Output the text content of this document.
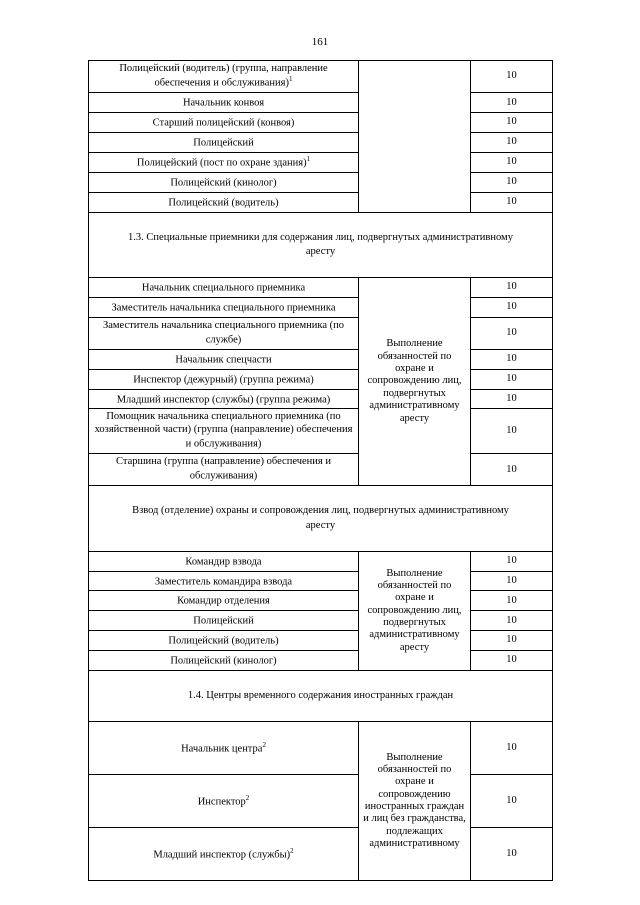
161
Полицейский (водитель) (группа, направление обеспечения и обслуживания)$^1$		10
Начальник конвоя		10
Старший полицейский (конвоя)		10
Полицейский		10
Полицейский (пост по охране здания)$^1$		10
Полицейский (кинолог)		10
Полицейский (водитель)		10
1.3. Специальные приемники для содержания лиц, подвергнутых административному аресту		
Начальник специального приемника	Выполнение обязанностей по охране и сопровождению лиц, подвергнутых административному аресту	10
Заместитель начальника специального приемника		10
Заместитель начальника специального приемника (по службе)		10
Начальник спецчасти		10
Инспектор (дежурный) (группа режима)		10
Младший инспектор (службы) (группа режима)		10
Помощник начальника специального приемника (по хозяйственной части) (группа (направление) обеспечения и обслуживания)		10
Старшина (группа (направление) обеспечения и обслуживания)		10
Взвод (отделение) охраны и сопровождения лиц, подвергнутых административному аресту		
Командир взвода	Выполнение обязанностей по охране и сопровождению лиц, подвергнутых административному аресту	10
Заместитель командира взвода		10
Командир отделения		10
Полицейский		10
Полицейский (водитель)		10
Полицейский (кинолог)		10
1.4. Центры временного содержания иностранных граждан		
Начальник центра$^2$	Выполнение обязанностей по охране и сопровождению иностранных граждан и лиц без гражданства, подлежащих административному	10
Инспектор$^2$		10
Младший инспектор (службы)$^2$		10
